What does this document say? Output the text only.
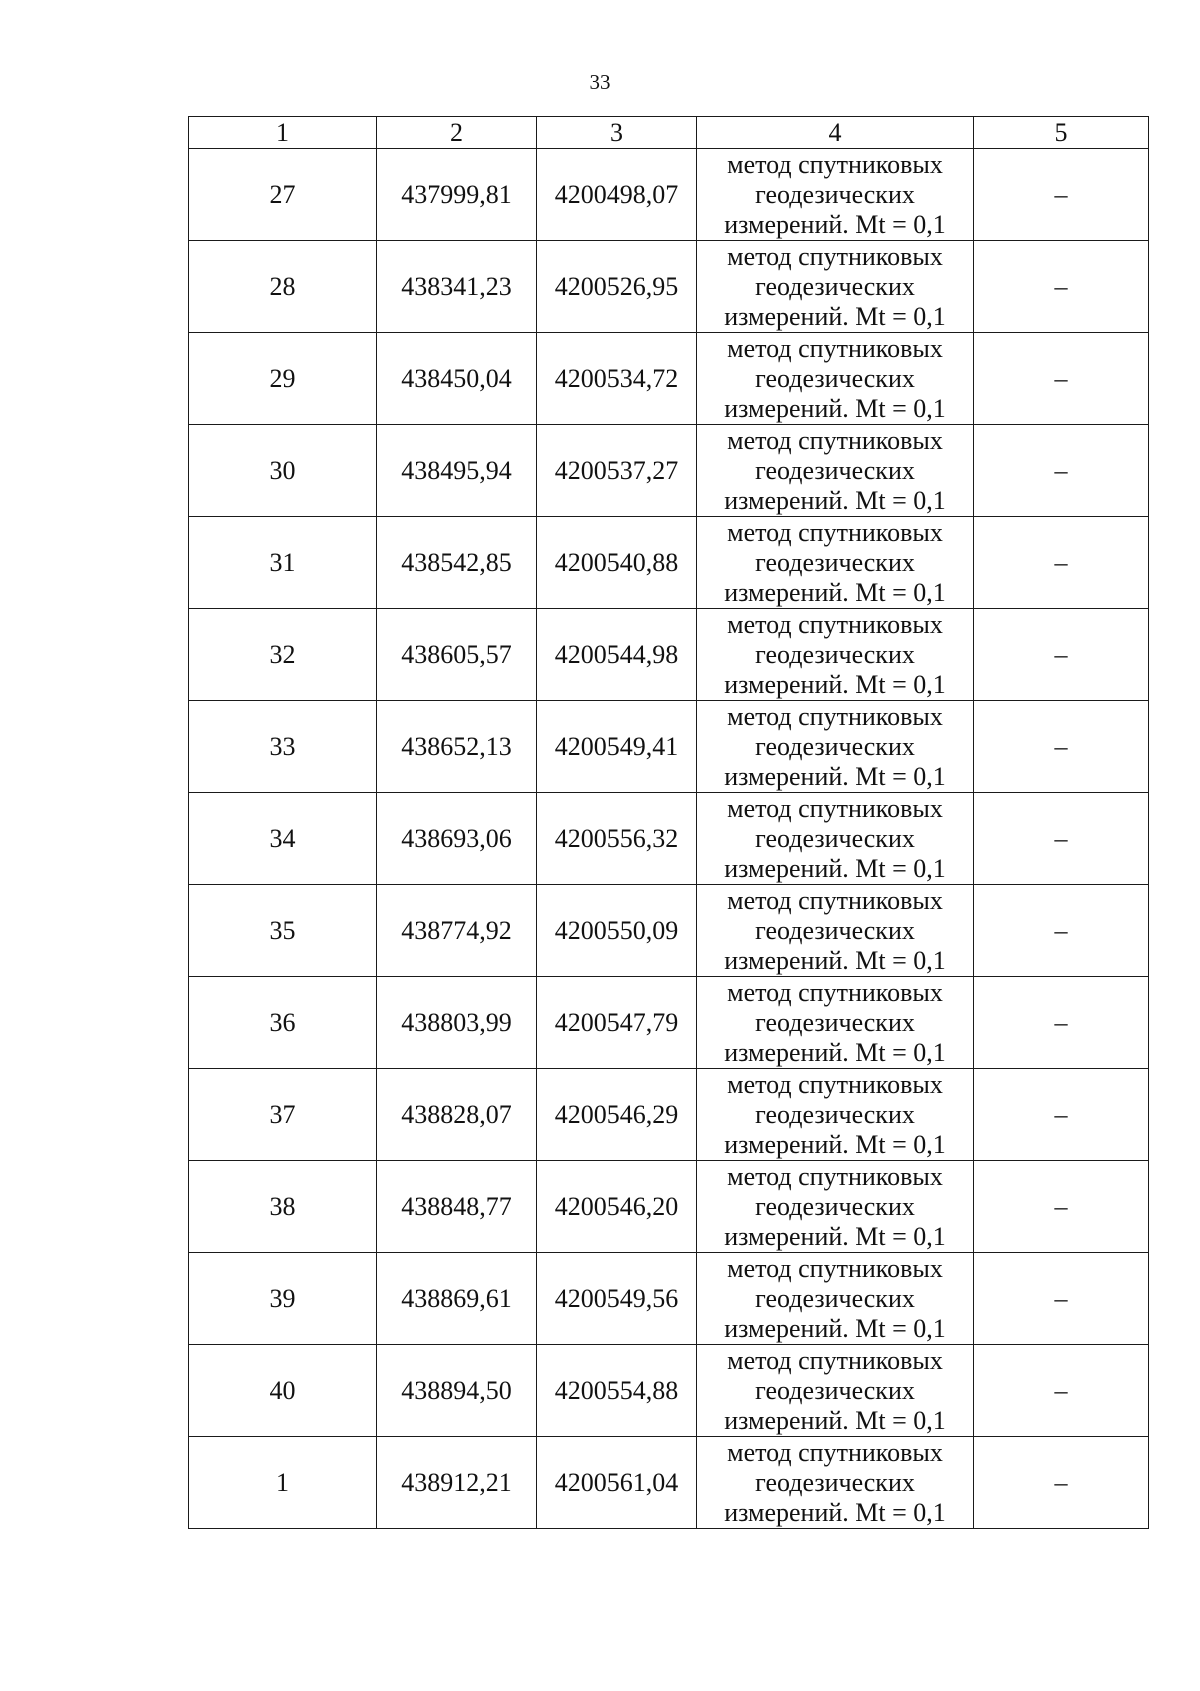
33
1	2	3	4	5
27	437999,81	4200498,07	метод спутниковых
геодезических
измерений. Mt = 0,1	–
28	438341,23	4200526,95	метод спутниковых
геодезических
измерений. Mt = 0,1	–
29	438450,04	4200534,72	метод спутниковых
геодезических
измерений. Mt = 0,1	–
30	438495,94	4200537,27	метод спутниковых
геодезических
измерений. Mt = 0,1	–
31	438542,85	4200540,88	метод спутниковых
геодезических
измерений. Mt = 0,1	–
32	438605,57	4200544,98	метод спутниковых
геодезических
измерений. Mt = 0,1	–
33	438652,13	4200549,41	метод спутниковых
геодезических
измерений. Mt = 0,1	–
34	438693,06	4200556,32	метод спутниковых
геодезических
измерений. Mt = 0,1	–
35	438774,92	4200550,09	метод спутниковых
геодезических
измерений. Mt = 0,1	–
36	438803,99	4200547,79	метод спутниковых
геодезических
измерений. Mt = 0,1	–
37	438828,07	4200546,29	метод спутниковых
геодезических
измерений. Mt = 0,1	–
38	438848,77	4200546,20	метод спутниковых
геодезических
измерений. Mt = 0,1	–
39	438869,61	4200549,56	метод спутниковых
геодезических
измерений. Mt = 0,1	–
40	438894,50	4200554,88	метод спутниковых
геодезических
измерений. Mt = 0,1	–
1	438912,21	4200561,04	метод спутниковых
геодезических
измерений. Mt = 0,1	–
